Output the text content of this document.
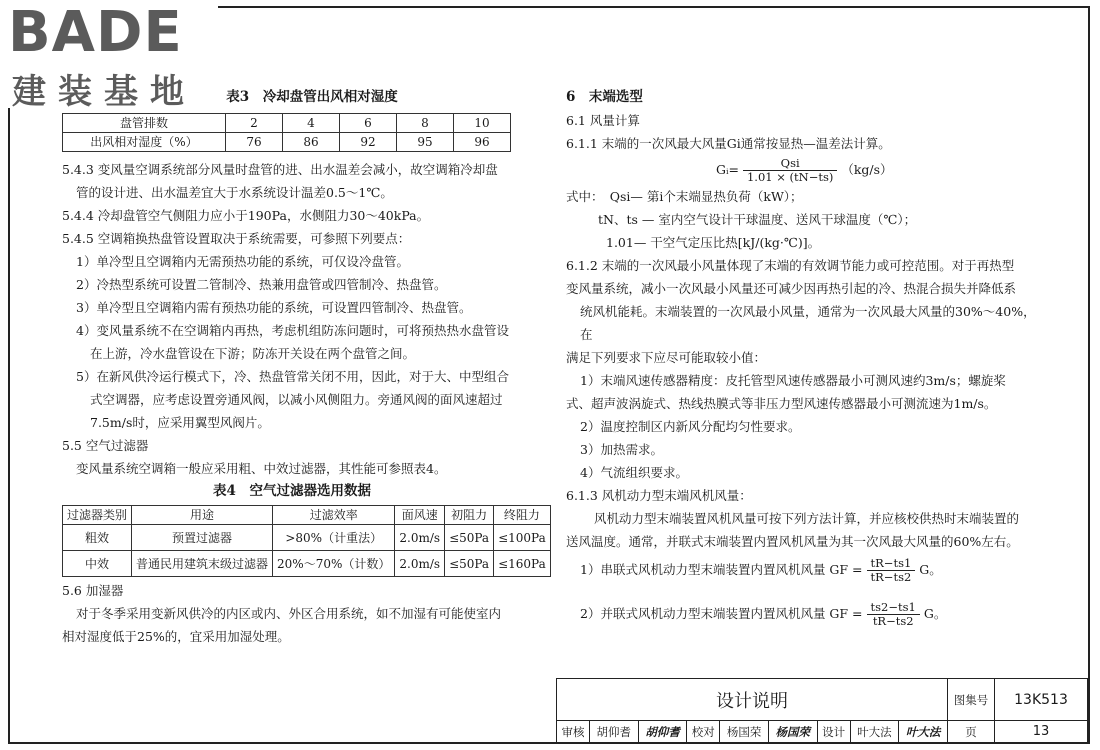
BADE
建装基地	表3　冷却盘管出风相对湿度

盘管排数	2	4	6	8	10
出风相对湿度（%）	76	86	92	95	96

5.4.3 变风量空调系统部分风量时盘管的进、出水温差会减小，故空调箱冷却盘

管的设计进、出水温差宜大于水系统设计温差0.5～1℃。

5.4.4 冷却盘管空气侧阻力应小于190Pa，水侧阻力30～40kPa。

5.4.5 空调箱换热盘管设置取决于系统需要，可参照下列要点：

1）单冷型且空调箱内无需预热功能的系统，可仅设冷盘管。

2）冷热型系统可设置二管制冷、热兼用盘管或四管制冷、热盘管。

3）单冷型且空调箱内需有预热功能的系统，可设置四管制冷、热盘管。

4）变风量系统不在空调箱内再热，考虑机组防冻问题时，可将预热热水盘管设

在上游，冷水盘管设在下游；防冻开关设在两个盘管之间。

5）在新风供冷运行模式下，冷、热盘管常关闭不用，因此，对于大、中型组合

式空调器，应考虑设置旁通风阀，以减小风侧阻力。旁通风阀的面风速超过

7.5m/s时，应采用翼型风阀片。

5.5 空气过滤器

变风量系统空调箱一般应采用粗、中效过滤器，其性能可参照表4。

表4　空气过滤器选用数据

过滤器类别	用途	过滤效率	面风速	初阻力	终阻力
粗效	预置过滤器	>80%（计重法）	2.0m/s	≤50Pa	≤100Pa
中效	普通民用建筑末级过滤器	20%～70%（计数）	2.0m/s	≤50Pa	≤160Pa

5.6 加湿器

对于冬季采用变新风供冷的内区或内、外区合用系统，如不加湿有可能使室内

相对湿度低于25%的，宜采用加湿处理。

6　末端选型

6.1 风量计算

6.1.1 末端的一次风最大风量Gi通常按显热—温差法计算。

Gᵢ= $\frac{\text{Qsi}}{1.01 \times (tN-ts)} (kg/s)$

式中：　Qsi— 第i个末端显热负荷（kW）；

tN、ts — 室内空气设计干球温度、送风干球温度（℃）；

1.01— 干空气定压比热[kJ/(kg·℃)]。

6.1.2 末端的一次风最小风量体现了末端的有效调节能力或可控范围。对于再热型

变风量系统，减小一次风最小风量还可减少因再热引起的冷、热混合损失并降低系

统风机能耗。末端装置的一次风最小风量，通常为一次风最大风量的30%～40%，

在

满足下列要求下应尽可能取较小值：

1）末端风速传感器精度：皮托管型风速传感器最小可测风速约3m/s；螺旋桨

式、超声波涡旋式、热线热膜式等非压力型风速传感器最小可测流速为1m/s。

2）温度控制区内新风分配均匀性要求。

3）加热需求。

4）气流组织要求。

6.1.3 风机动力型末端风机风量：

风机动力型末端装置风机风量可按下列方法计算，并应核校供热时末端装置的

送风温度。通常，并联式末端装置内置风机风量为其一次风最大风量的60%左右。

1）串联式风机动力型末端装置内置风机风量 GF = $\frac{tR-ts1}{tR-ts2}$ G。
2）并联式风机动力型末端装置内置风机风量 GF = $\frac{ts2-ts1}{tR-ts2}$ G。
设计说明									图集号	13K513
审核	胡仰耆	胡仰耆	校对	杨国荣	杨国荣	设计	叶大法	叶大法	页	13
